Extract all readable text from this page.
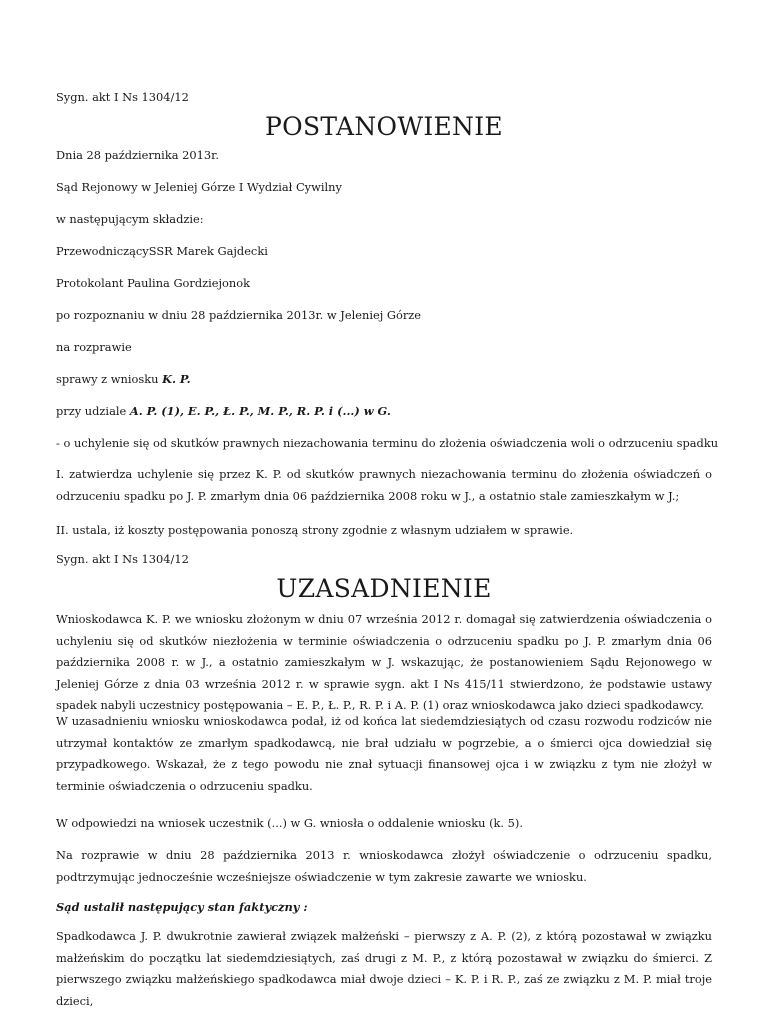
Sygn. akt I Ns 1304/12
POSTANOWIENIE
Dnia 28 października 2013r.
Sąd Rejonowy w Jeleniej Górze I Wydział Cywilny
w następującym składzie:
PrzewodniczącySSR Marek Gajdecki
Protokolant Paulina Gordziejonok
po rozpoznaniu w dniu 28 października 2013r. w Jeleniej Górze
na rozprawie
sprawy z wniosku K. P.
przy udziale A. P. (1), E. P., Ł. P., M. P., R. P. i (...) w G.
- o uchylenie się od skutków prawnych niezachowania terminu do złożenia oświadczenia woli o odrzuceniu spadku
I. zatwierdza uchylenie się przez K. P. od skutków prawnych niezachowania terminu do złożenia oświadczeń o odrzuceniu spadku po J. P. zmarłym dnia 06 października 2008 roku w J., a ostatnio stale zamieszkałym w J.;
II. ustala, iż koszty postępowania ponoszą strony zgodnie z własnym udziałem w sprawie.
Sygn. akt I Ns 1304/12
UZASADNIENIE
Wnioskodawca K. P. we wniosku złożonym w dniu 07 września 2012 r. domagał się zatwierdzenia oświadczenia o uchyleniu się od skutków niezłożenia w terminie oświadczenia o odrzuceniu spadku po J. P. zmarłym dnia 06 października 2008 r. w J., a ostatnio zamieszkałym w J. wskazując, że postanowieniem Sądu Rejonowego w Jeleniej Górze z dnia 03 września 2012 r. w sprawie sygn. akt I Ns 415/11 stwierdzono, że podstawie ustawy spadek nabyli uczestnicy postępowania – E. P., Ł. P., R. P. i A. P. (1) oraz wnioskodawca jako dzieci spadkodawcy.
W uzasadnieniu wniosku wnioskodawca podał, iż od końca lat siedemdziesiątych od czasu rozwodu rodziców nie utrzymał kontaktów ze zmarłym spadkodawcą, nie brał udziału w pogrzebie, a o śmierci ojca dowiedział się przypadkowego. Wskazał, że z tego powodu nie znał sytuacji finansowej ojca i w związku z tym nie złożył w terminie oświadczenia o odrzuceniu spadku.
W odpowiedzi na wniosek uczestnik (...) w G. wniosła o oddalenie wniosku (k. 5).
Na rozprawie w dniu 28 października 2013 r. wnioskodawca złożył oświadczenie o odrzuceniu spadku, podtrzymując jednocześnie wcześniejsze oświadczenie w tym zakresie zawarte we wniosku.
Sąd ustalił następujący stan faktyczny :
Spadkodawca J. P. dwukrotnie zawierał związek małżeński – pierwszy z A. P. (2), z którą pozostawał w związku małżeńskim do początku lat siedemdziesiątych, zaś drugi z M. P., z którą pozostawał w związku do śmierci. Z pierwszego związku małżeńskiego spadkodawca miał dwoje dzieci – K. P. i R. P., zaś ze związku z M. P. miał troje dzieci,
